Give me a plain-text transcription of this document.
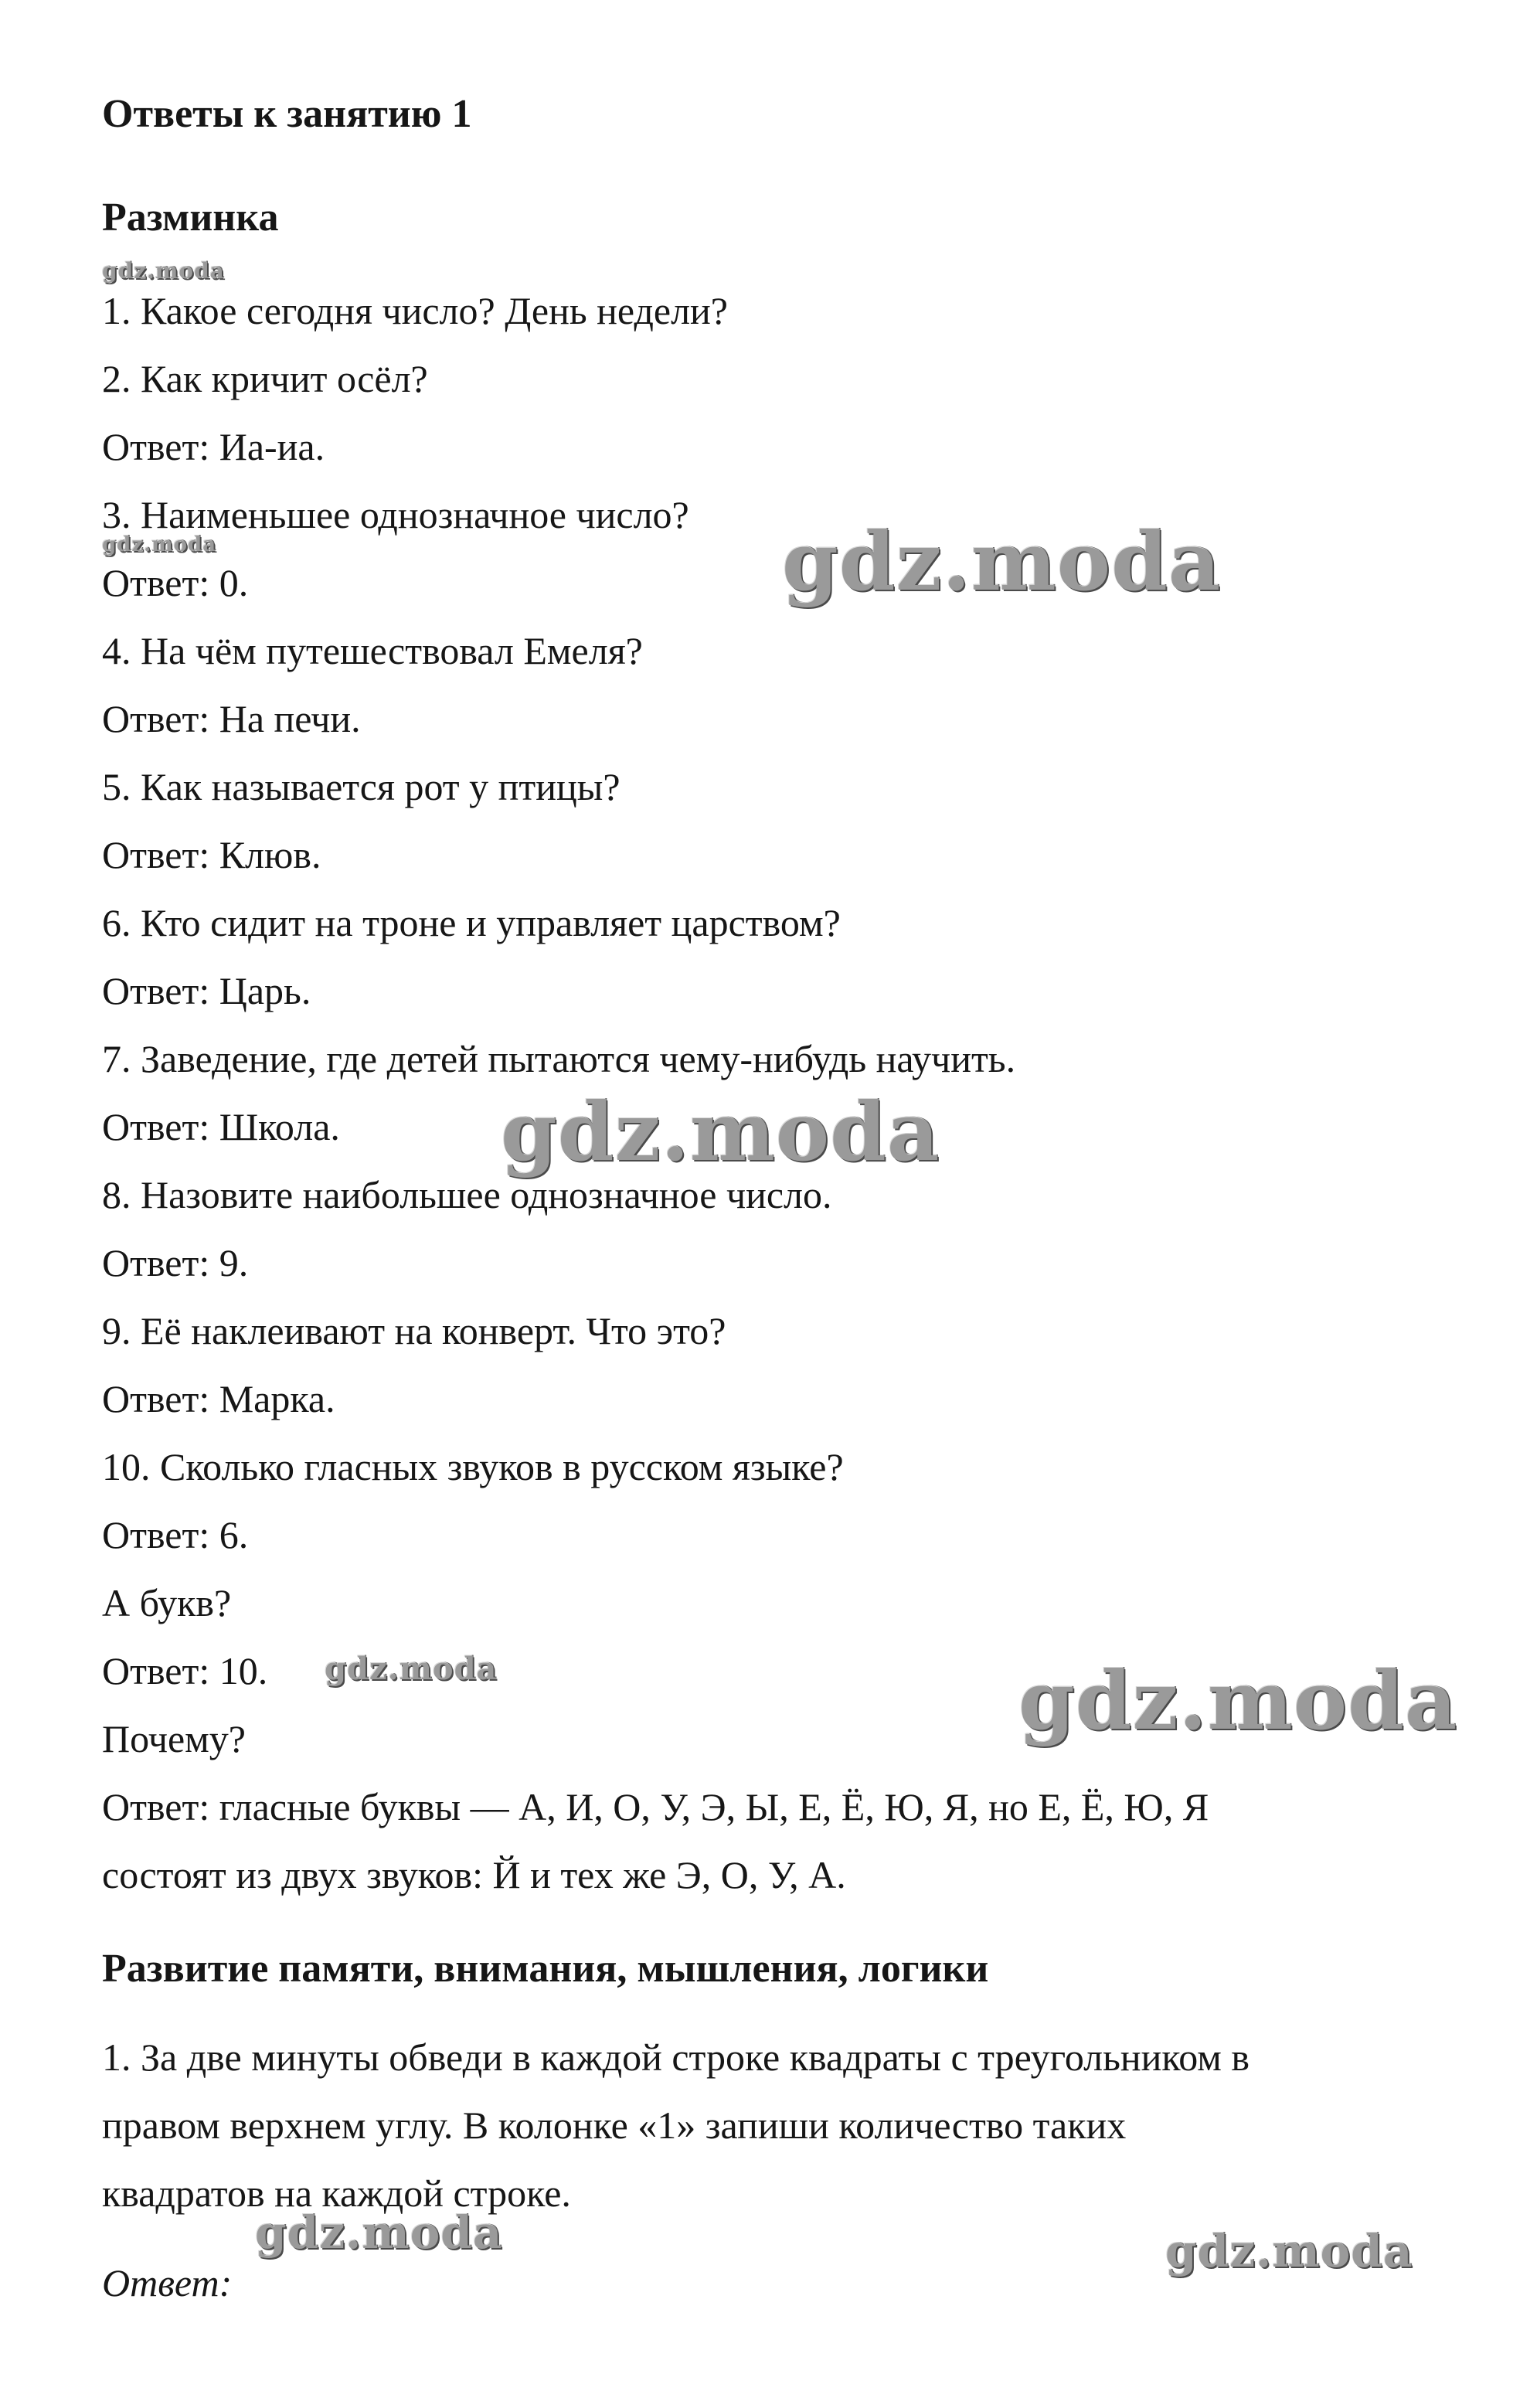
Ответы к занятию 1
Разминка
1. Какое сегодня число? День недели?
2. Как кричит осёл?
Ответ: Иа-иа.
3. Наименьшее однозначное число?
Ответ: 0.
4. На чём путешествовал Емеля?
Ответ: На печи.
5. Как называется рот у птицы?
Ответ: Клюв.
6. Кто сидит на троне и управляет царством?
Ответ: Царь.
7. Заведение, где детей пытаются чему-нибудь научить.
Ответ: Школа.
8. Назовите наибольшее однозначное число.
Ответ: 9.
9. Её наклеивают на конверт. Что это?
Ответ: Марка.
10. Сколько гласных звуков в русском языке?
Ответ: 6.
А букв?
Ответ: 10.
Почему?
Ответ: гласные буквы — А, И, О, У, Э, Ы, Е, Ё, Ю, Я, но Е, Ё, Ю, Я
состоят из двух звуков: Й и тех же Э, О, У, А.
Развитие памяти, внимания, мышления, логики
1. За две минуты обведи в каждой строке квадраты с треугольником в
правом верхнем углу. В колонке «1» запиши количество таких
квадратов на каждой строке.
Ответ:
gdz.moda
gdz.moda	gdz.moda
gdz.moda
gdz.moda	gdz.moda
gdz.moda	gdz.moda
